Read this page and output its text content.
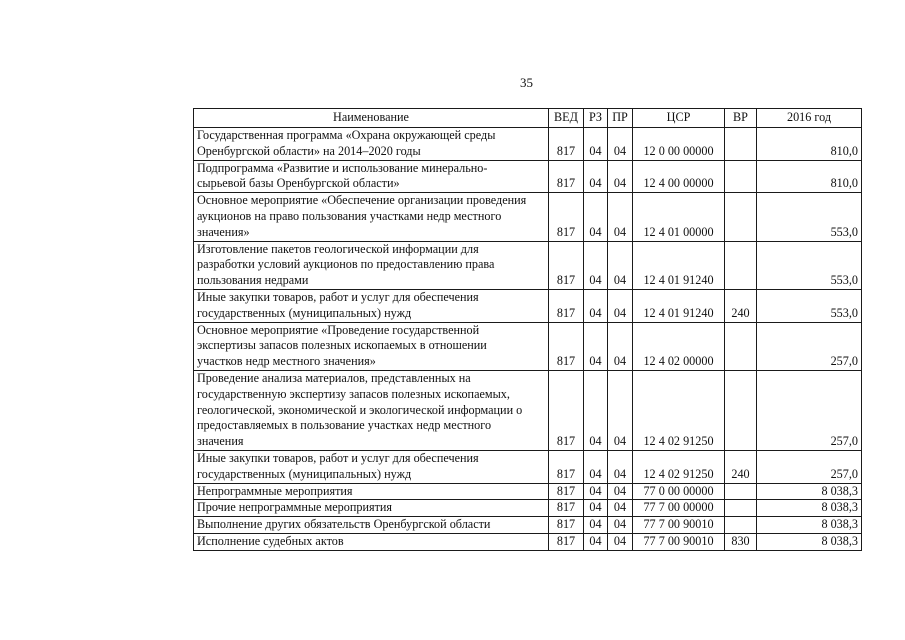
35
Наименование	ВЕД	РЗ	ПР	ЦСР	ВР	2016 год

Государственная программа «Охрана окружающей среды
Оренбургской области» на 2014–2020 годы	817	04	04	12 0 00 00000		810,0

Подпрограмма «Развитие и использование минерально-
сырьевой базы Оренбургской области»	817	04	04	12 4 00 00000		810,0

Основное мероприятие «Обеспечение организации проведения
аукционов на право пользования участками недр местного
значения»	817	04	04	12 4 01 00000		553,0

Изготовление пакетов геологической информации для
разработки условий аукционов по предоставлению права
пользования недрами	817	04	04	12 4 01 91240		553,0

Иные закупки товаров, работ и услуг для обеспечения
государственных (муниципальных) нужд	817	04	04	12 4 01 91240	240	553,0

Основное мероприятие «Проведение государственной
экспертизы запасов полезных ископаемых в отношении
участков недр местного значения»	817	04	04	12 4 02 00000		257,0

Проведение анализа материалов, представленных на
государственную экспертизу запасов полезных ископаемых,
геологической, экономической и экологической информации о
предоставляемых в пользование участках недр местного
значения	817	04	04	12 4 02 91250		257,0

Иные закупки товаров, работ и услуг для обеспечения
государственных (муниципальных) нужд	817	04	04	12 4 02 91250	240	257,0

Непрограммные мероприятия	817	04	04	77 0 00 00000		8 038,3

Прочие непрограммные мероприятия	817	04	04	77 7 00 00000		8 038,3

Выполнение других обязательств Оренбургской области	817	04	04	77 7 00 90010		8 038,3

Исполнение судебных актов	817	04	04	77 7 00 90010	830	8 038,3
